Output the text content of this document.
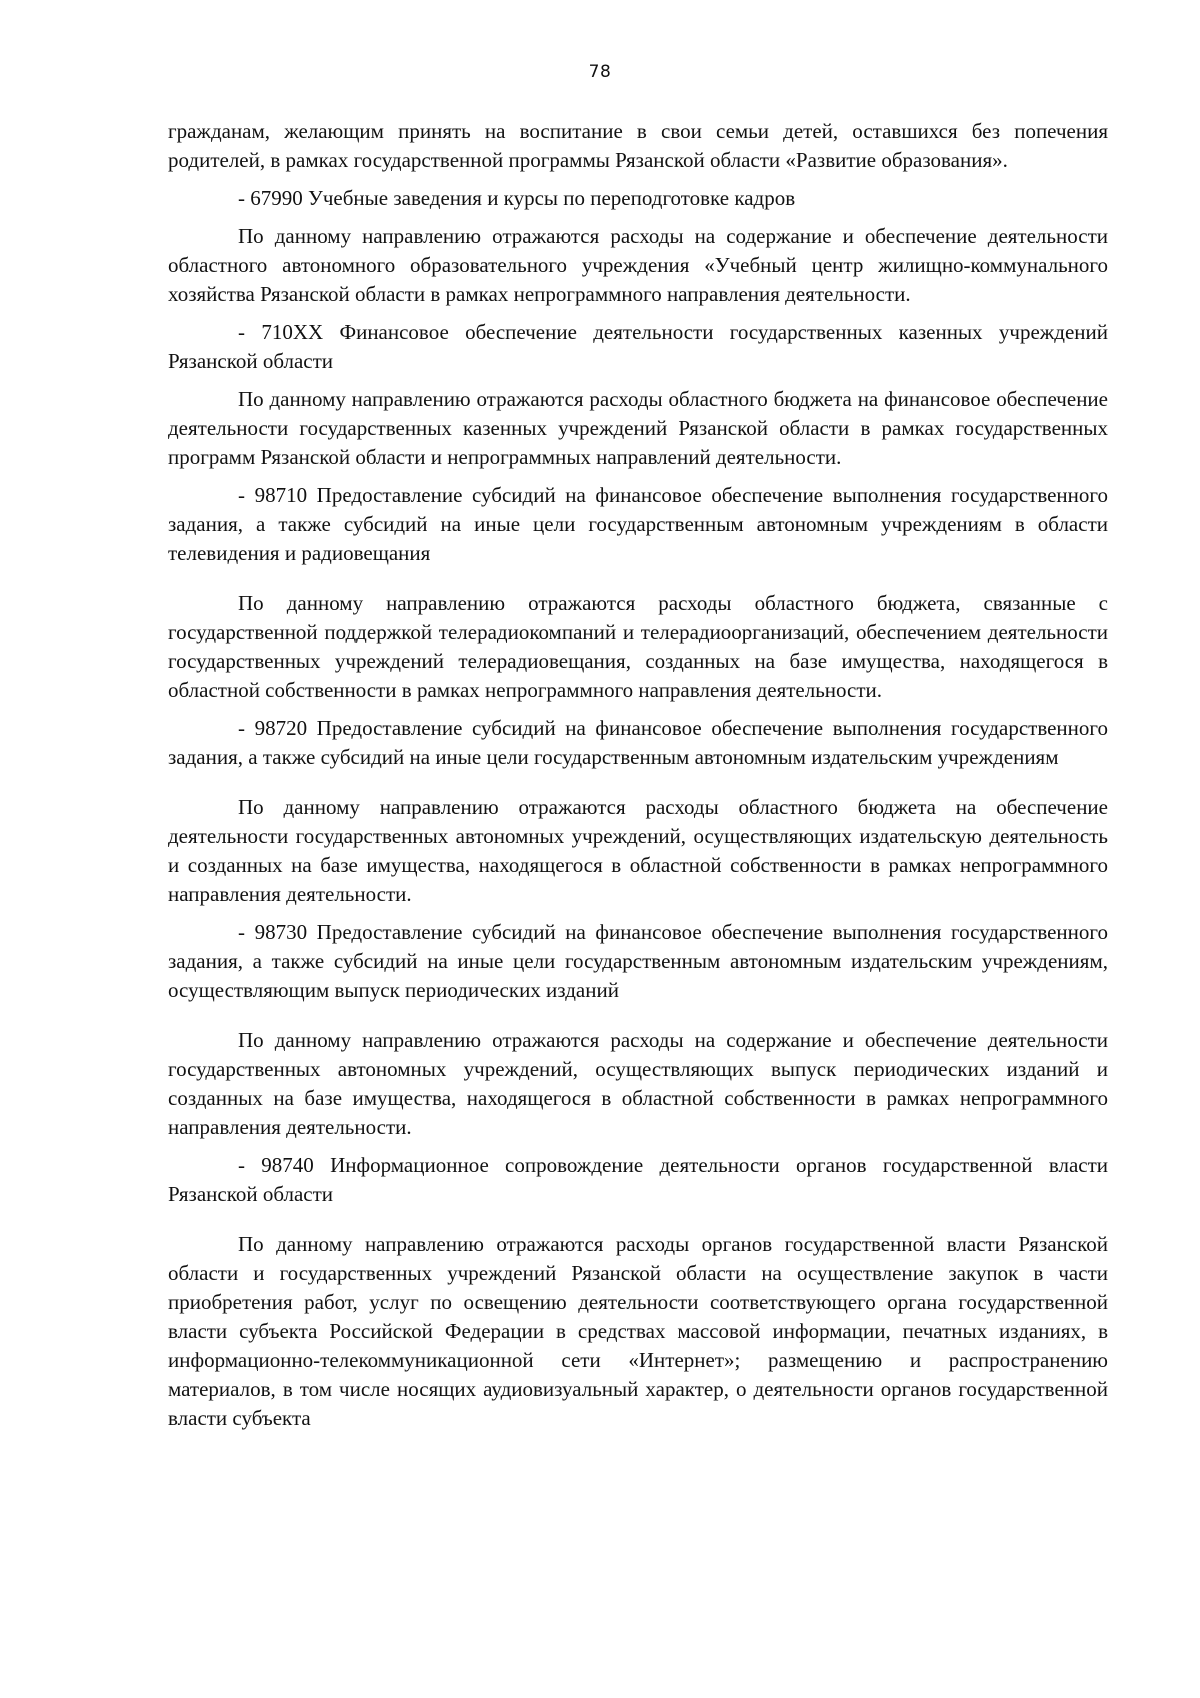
78

гражданам, желающим принять на воспитание в свои семьи детей, оставшихся без попечения родителей, в рамках государственной программы Рязанской области «Развитие образования».

- 67990 Учебные заведения и курсы по переподготовке кадров

По данному направлению отражаются расходы на содержание и обеспечение деятельности областного автономного образовательного учреждения «Учебный центр жилищно-коммунального хозяйства Рязанской области в рамках непрограммного направления деятельности.

- 710XX Финансовое обеспечение деятельности государственных казенных учреждений Рязанской области

По данному направлению отражаются расходы областного бюджета на финансовое обеспечение деятельности государственных казенных учреждений Рязанской области в рамках государственных программ Рязанской области и непрограммных направлений деятельности.

- 98710 Предоставление субсидий на финансовое обеспечение выполнения государственного задания, а также субсидий на иные цели государственным автономным учреждениям в области телевидения и радиовещания

По данному направлению отражаются расходы областного бюджета, связанные с государственной поддержкой телерадиокомпаний и телерадиоорганизаций, обеспечением деятельности государственных учреждений телерадиовещания, созданных на базе имущества, находящегося в областной собственности в рамках непрограммного направления деятельности.

- 98720 Предоставление субсидий на финансовое обеспечение выполнения государственного задания, а также субсидий на иные цели государственным автономным издательским учреждениям

По данному направлению отражаются расходы областного бюджета на обеспечение деятельности государственных автономных учреждений, осуществляющих издательскую деятельность и созданных на базе имущества, находящегося в областной собственности в рамках непрограммного направления деятельности.

- 98730 Предоставление субсидий на финансовое обеспечение выполнения государственного задания, а также субсидий на иные цели государственным автономным издательским учреждениям, осуществляющим выпуск периодических изданий

По данному направлению отражаются расходы на содержание и обеспечение деятельности государственных автономных учреждений, осуществляющих выпуск периодических изданий и созданных на базе имущества, находящегося в областной собственности в рамках непрограммного направления деятельности.

- 98740 Информационное сопровождение деятельности органов государственной власти Рязанской области

По данному направлению отражаются расходы органов государственной власти Рязанской области и государственных учреждений Рязанской области на осуществление закупок в части приобретения работ, услуг по освещению деятельности соответствующего органа государственной власти субъекта Российской Федерации в средствах массовой информации, печатных изданиях, в информационно-телекоммуникационной сети «Интернет»; размещению и распространению материалов, в том числе носящих аудиовизуальный характер, о деятельности органов государственной власти субъекта
